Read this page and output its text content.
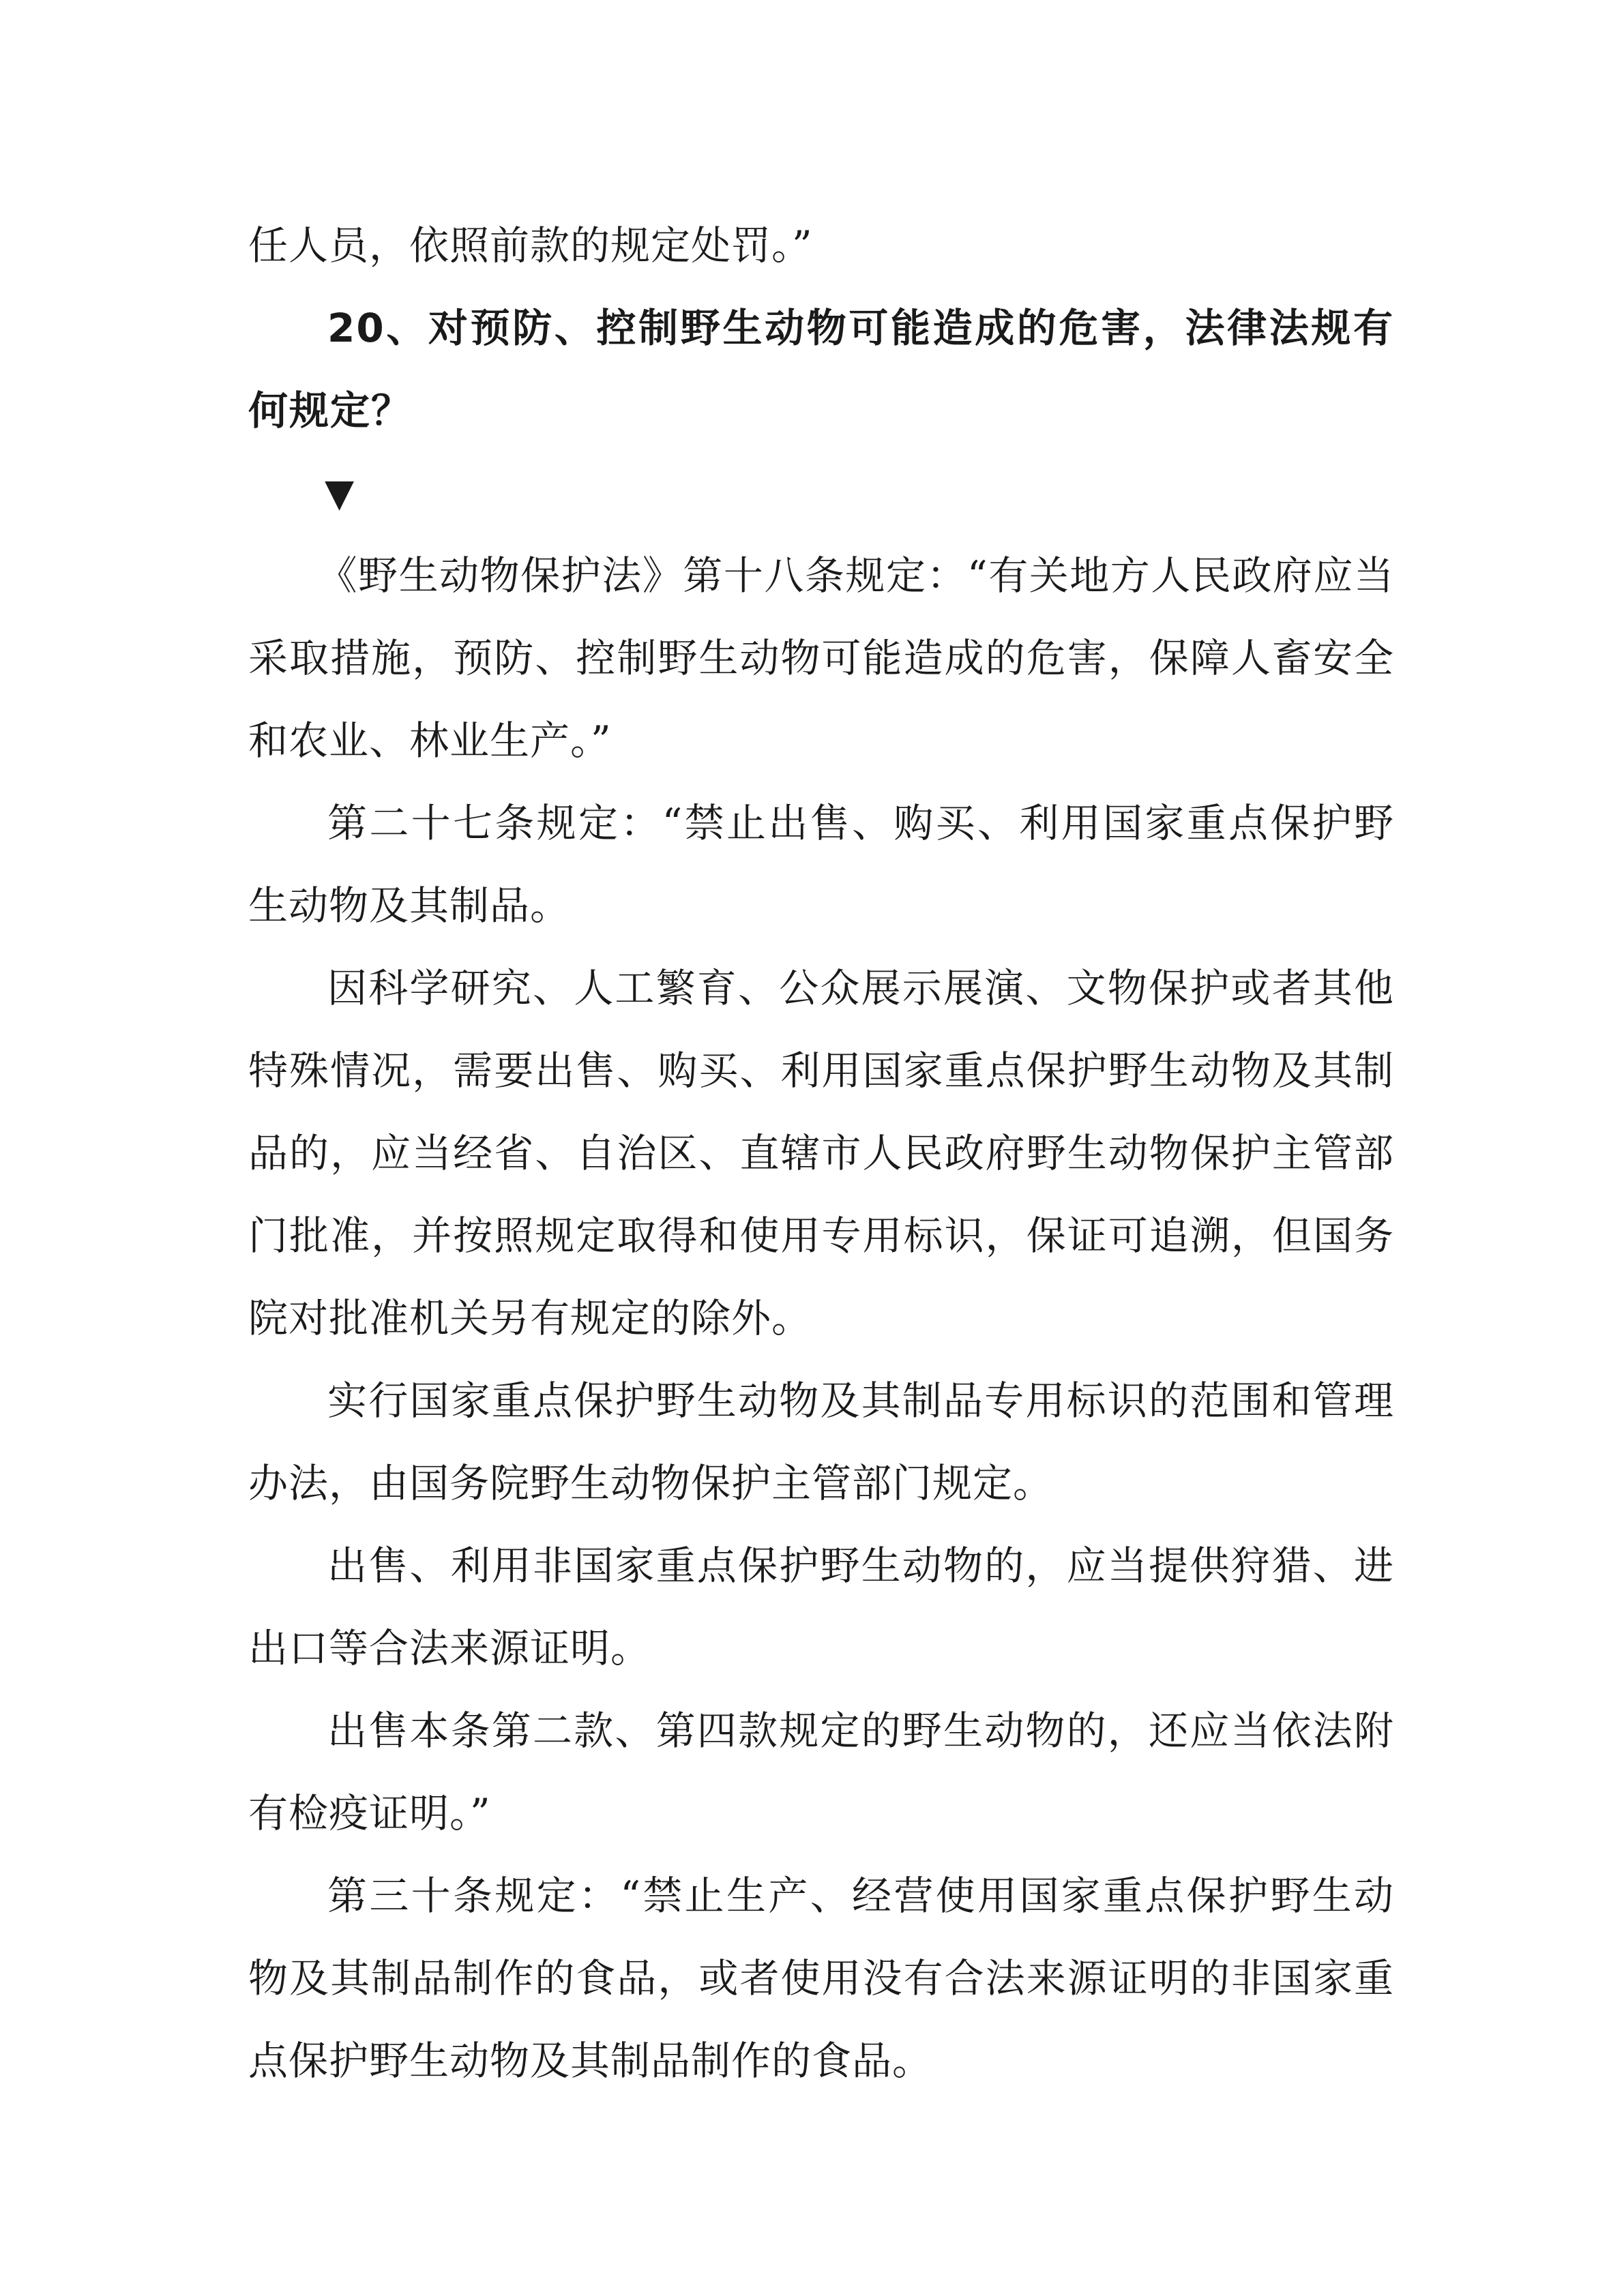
任人员，依照前款的规定处罚。”

20、对预防、控制野生动物可能造成的危害，法律法规有何规定？

▼

《野生动物保护法》第十八条规定：“有关地方人民政府应当采取措施，预防、控制野生动物可能造成的危害，保障人畜安全和农业、林业生产。”

第二十七条规定：“禁止出售、购买、利用国家重点保护野生动物及其制品。

因科学研究、人工繁育、公众展示展演、文物保护或者其他特殊情况，需要出售、购买、利用国家重点保护野生动物及其制品的，应当经省、自治区、直辖市人民政府野生动物保护主管部门批准，并按照规定取得和使用专用标识，保证可追溯，但国务院对批准机关另有规定的除外。

实行国家重点保护野生动物及其制品专用标识的范围和管理办法，由国务院野生动物保护主管部门规定。

出售、利用非国家重点保护野生动物的，应当提供狩猎、进出口等合法来源证明。

出售本条第二款、第四款规定的野生动物的，还应当依法附有检疫证明。”

第三十条规定：“禁止生产、经营使用国家重点保护野生动物及其制品制作的食品，或者使用没有合法来源证明的非国家重点保护野生动物及其制品制作的食品。
